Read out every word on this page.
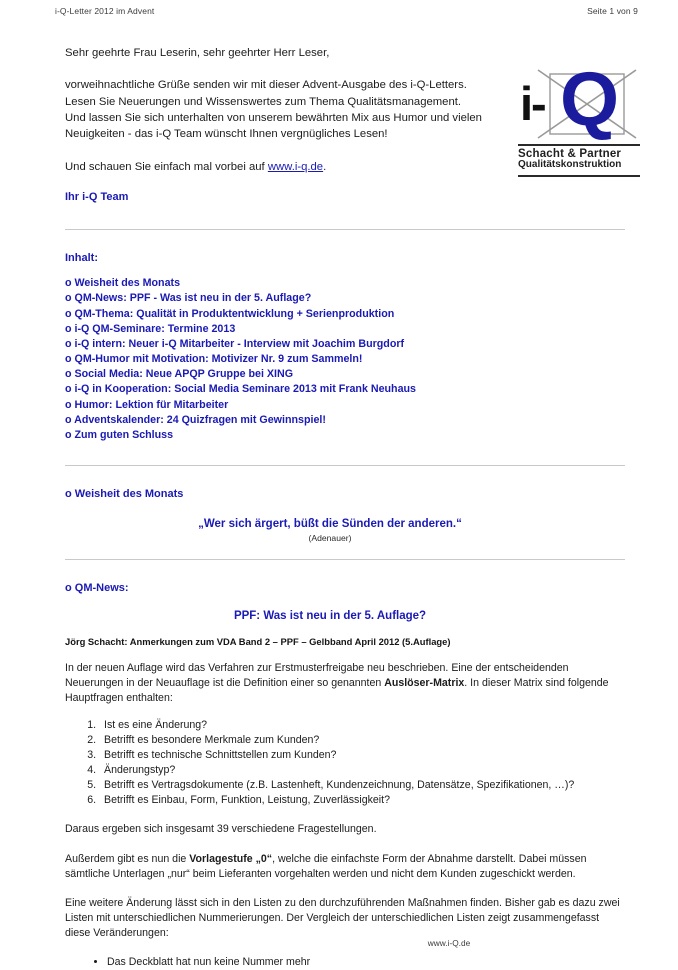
i-Q-Letter 2012 im Advent	Seite 1 von 9
i- Q
Schacht & Partner
Qualitätskonstruktion

Sehr geehrte Frau Leserin, sehr geehrter Herr Leser,

vorweihnachtliche Grüße senden wir mit dieser Advent-Ausgabe des i-Q-Letters.
Lesen Sie Neuerungen und Wissenswertes zum Thema Qualitätsmanagement.
Und lassen Sie sich unterhalten von unserem bewährten Mix aus Humor und vielen
Neuigkeiten - das i-Q Team wünscht Ihnen vergnügliches Lesen!

Und schauen Sie einfach mal vorbei auf www.i-q.de.

Ihr i-Q Team

Inhalt:

o Weisheit des Monats
o QM-News: PPF - Was ist neu in der 5. Auflage?
o QM-Thema: Qualität in Produktentwicklung + Serienproduktion
o i-Q QM-Seminare: Termine 2013
o i-Q intern: Neuer i-Q Mitarbeiter - Interview mit Joachim Burgdorf
o QM-Humor mit Motivation: Motivizer Nr. 9 zum Sammeln!
o Social Media: Neue APQP Gruppe bei XING
o i-Q in Kooperation: Social Media Seminare 2013 mit Frank Neuhaus
o Humor: Lektion für Mitarbeiter
o Adventskalender: 24 Quizfragen mit Gewinnspiel!
o Zum guten Schluss

o Weisheit des Monats

„Wer sich ärgert, büßt die Sünden der anderen.“

(Adenauer)

o QM-News:

PPF: Was ist neu in der 5. Auflage?

Jörg Schacht: Anmerkungen zum VDA Band 2 – PPF – Gelbband April 2012 (5.Auflage)

In der neuen Auflage wird das Verfahren zur Erstmusterfreigabe neu beschrieben. Eine der entscheidenden Neuerungen in der Neuauflage ist die Definition einer so genannten Auslöser-Matrix. In dieser Matrix sind folgende Hauptfragen enthalten:

1. Ist es eine Änderung?
2. Betrifft es besondere Merkmale zum Kunden?
3. Betrifft es technische Schnittstellen zum Kunden?
4. Änderungstyp?
5. Betrifft es Vertragsdokumente (z.B. Lastenheft, Kundenzeichnung, Datensätze, Spezifikationen, …)?
6. Betrifft es Einbau, Form, Funktion, Leistung, Zuverlässigkeit?

Daraus ergeben sich insgesamt 39 verschiedene Fragestellungen.

Außerdem gibt es nun die Vorlagestufe „0“, welche die einfachste Form der Abnahme darstellt. Dabei müssen sämtliche Unterlagen „nur“ beim Lieferanten vorgehalten werden und nicht dem Kunden zugeschickt werden.

Eine weitere Änderung lässt sich in den Listen zu den durchzuführenden Maßnahmen finden. Bisher gab es dazu zwei Listen mit unterschiedlichen Nummerierungen. Der Vergleich der unterschiedlichen Listen zeigt zusammengefasst diese Veränderungen:

• Das Deckblatt hat nun keine Nummer mehr
www.i-Q.de
